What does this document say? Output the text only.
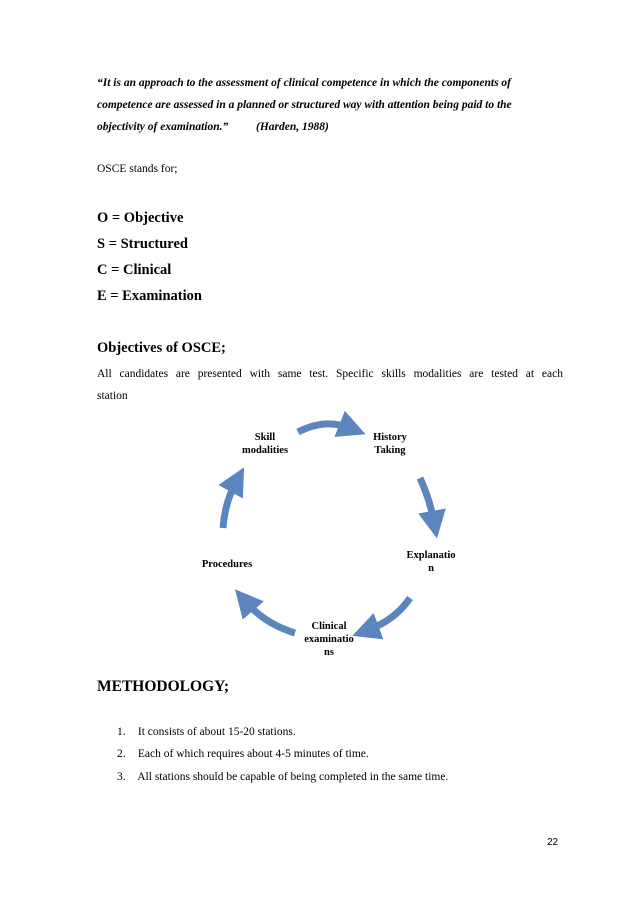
“It is an approach to the assessment of clinical competence in which the components of
competence are assessed in a planned or structured way with attention being paid to the
objectivity of examination.” (Harden, 1988)
OSCE stands for;
O = Objective
S = Structured
C = Clinical
E = Examination
Objectives of OSCE;
All candidates are presented with same test. Specific skills modalities are tested at each
station
History
Taking
Explanatio
n
Clinical
examinatio
ns
Procedures
Skill
modalities
METHODOLOGY;
1. It consists of about 15-20 stations.
2. Each of which requires about 4-5 minutes of time.
3. All stations should be capable of being completed in the same time.
22
